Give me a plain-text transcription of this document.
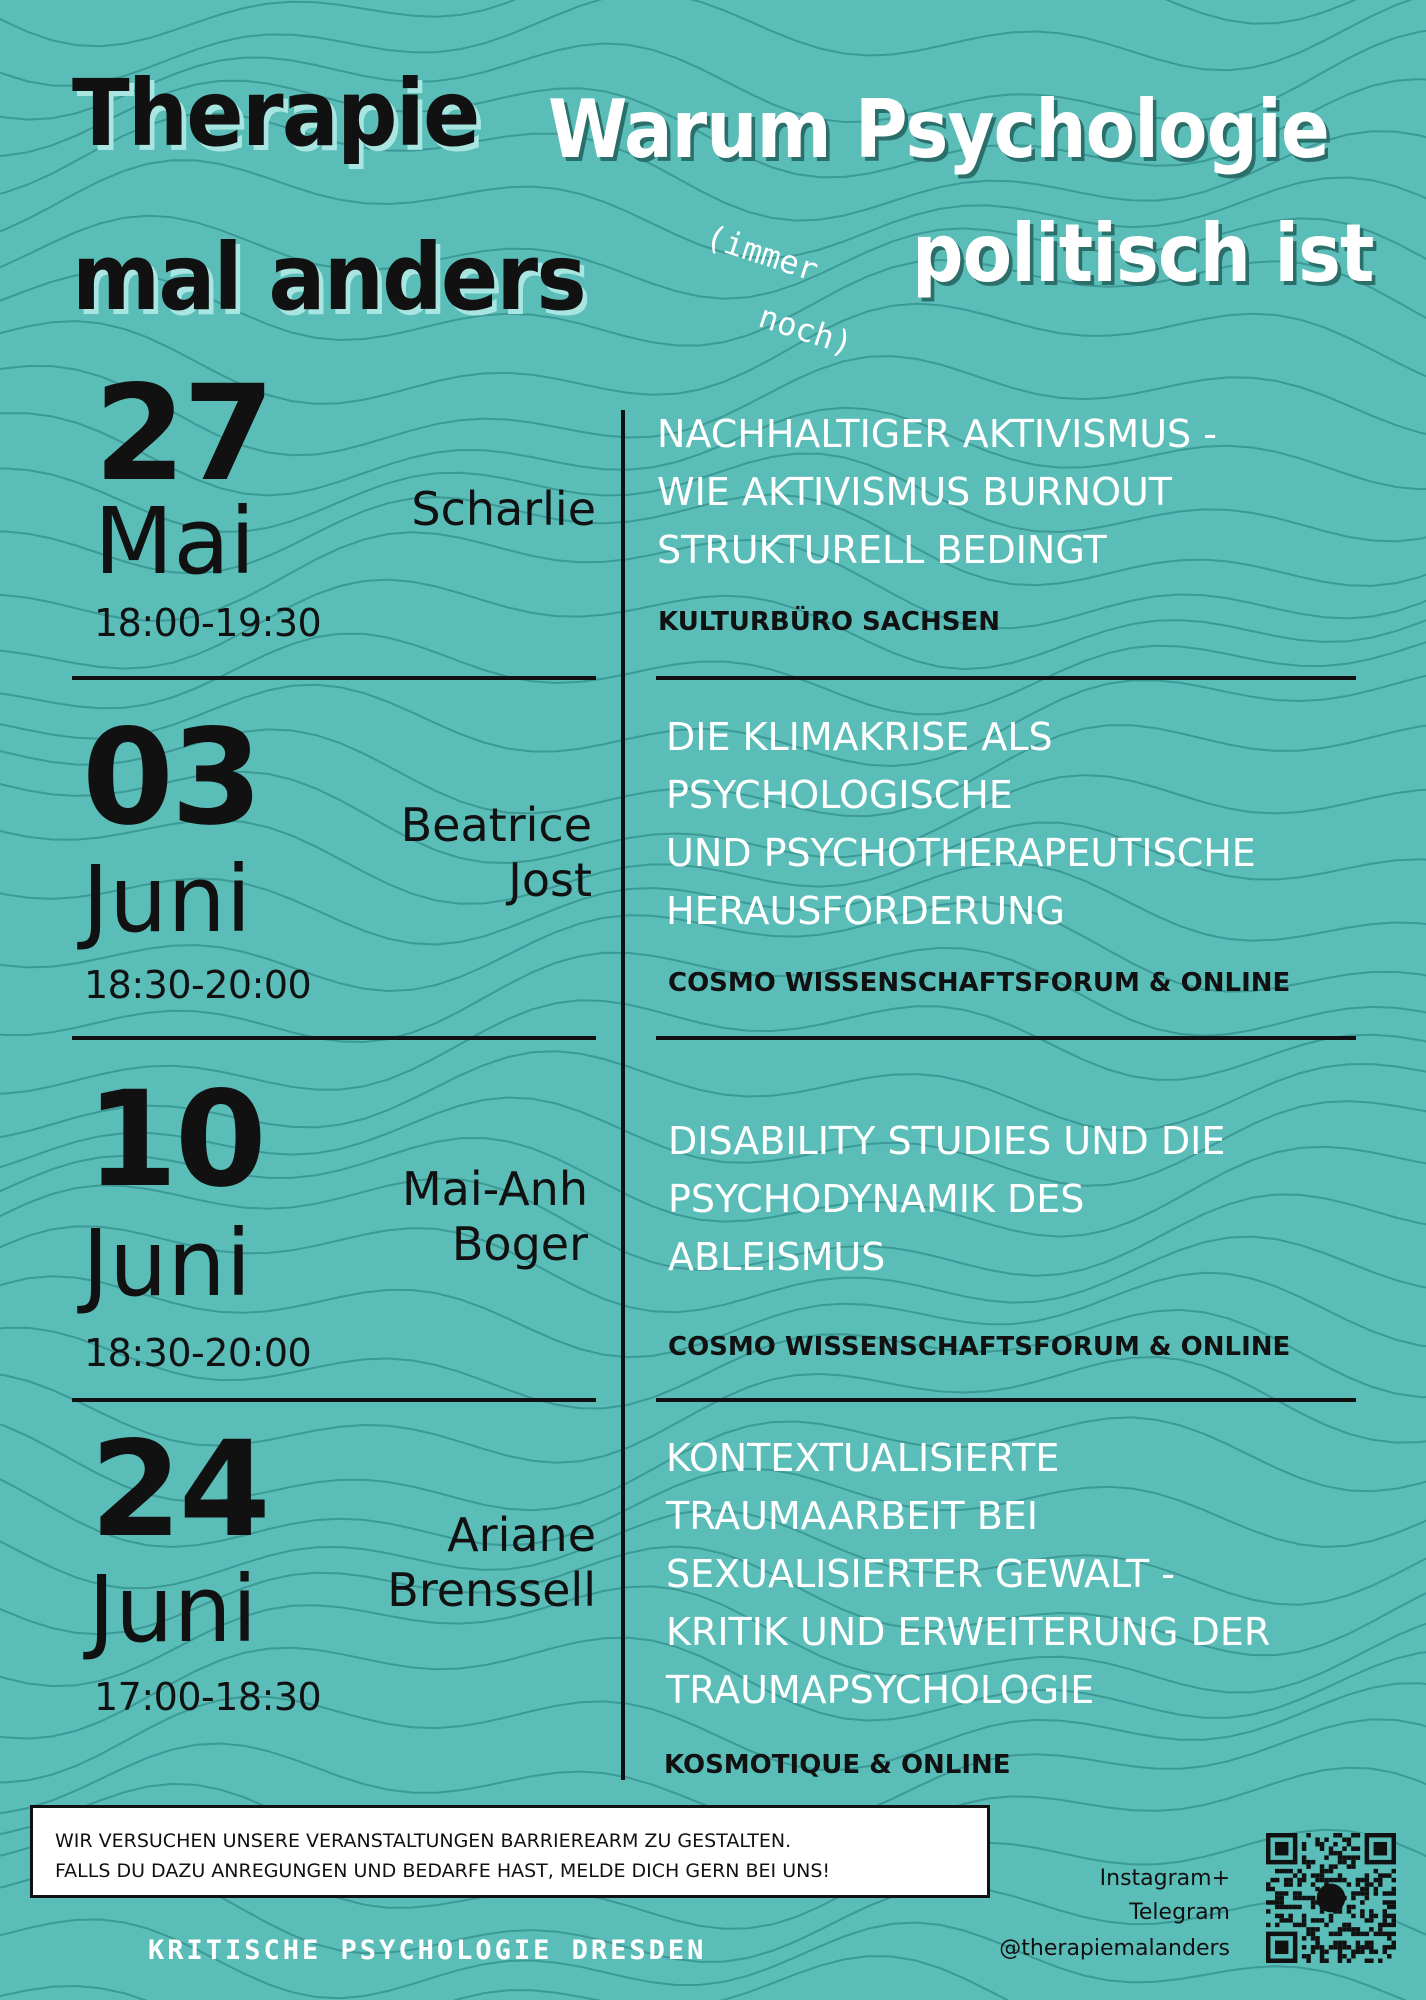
Therapie
mal anders
Warum Psychologie
politisch ist
(immer
noch)
27
Mai
18:00-19:30
Scharlie
NACHHALTIGER AKTIVISMUS -
WIE AKTIVISMUS BURNOUT
STRUKTURELL BEDINGT
KULTURBÜRO SACHSEN
03
Juni
18:30-20:00
Beatrice
Jost
DIE KLIMAKRISE ALS
PSYCHOLOGISCHE
UND PSYCHOTHERAPEUTISCHE
HERAUSFORDERUNG
COSMO WISSENSCHAFTSFORUM & ONLINE
10
Juni
18:30-20:00
Mai-Anh
Boger
DISABILITY STUDIES UND DIE
PSYCHODYNAMIK DES
ABLEISMUS
COSMO WISSENSCHAFTSFORUM & ONLINE
24
Juni
17:00-18:30
Ariane
Brenssell
KONTEXTUALISIERTE
TRAUMAARBEIT BEI
SEXUALISIERTER GEWALT -
KRITIK UND ERWEITERUNG DER
TRAUMAPSYCHOLOGIE
KOSMOTIQUE & ONLINE
WIR VERSUCHEN UNSERE VERANSTALTUNGEN BARRIEREARM ZU GESTALTEN.
FALLS DU DAZU ANREGUNGEN UND BEDARFE HAST, MELDE DICH GERN BEI UNS!
KRITISCHE PSYCHOLOGIE DRESDEN
Instagram+
Telegram
@therapiemalanders
